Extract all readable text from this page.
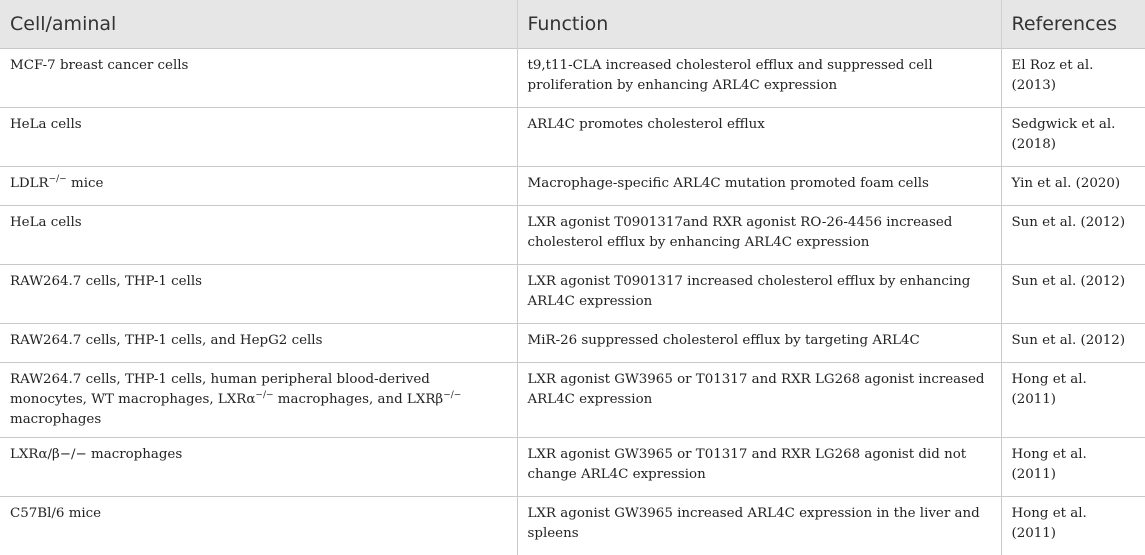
Cell/aminal	Function	References
MCF-7 breast cancer cells	t9,t11-CLA increased cholesterol efflux and suppressed cell proliferation by enhancing ARL4C expression	El Roz et al. (2013)
HeLa cells	ARL4C promotes cholesterol efflux	Sedgwick et al. (2018)
LDLR−/− mice	Macrophage-specific ARL4C mutation promoted foam cells	Yin et al. (2020)
HeLa cells	LXR agonist T0901317and RXR agonist RO-26-4456 increased cholesterol efflux by enhancing ARL4C expression	Sun et al. (2012)
RAW264.7 cells, THP-1 cells	LXR agonist T0901317 increased cholesterol efflux by enhancing ARL4C expression	Sun et al. (2012)
RAW264.7 cells, THP-1 cells, and HepG2 cells	MiR-26 suppressed cholesterol efflux by targeting ARL4C	Sun et al. (2012)
RAW264.7 cells, THP-1 cells, human peripheral blood-derived monocytes, WT macrophages, LXRα−/− macrophages, and LXRβ−/− macrophages	LXR agonist GW3965 or T01317 and RXR LG268 agonist increased ARL4C expression	Hong et al. (2011)
LXRα/β−/− macrophages	LXR agonist GW3965 or T01317 and RXR LG268 agonist did not change ARL4C expression	Hong et al. (2011)
C57Bl/6 mice	LXR agonist GW3965 increased ARL4C expression in the liver and spleens	Hong et al. (2011)
